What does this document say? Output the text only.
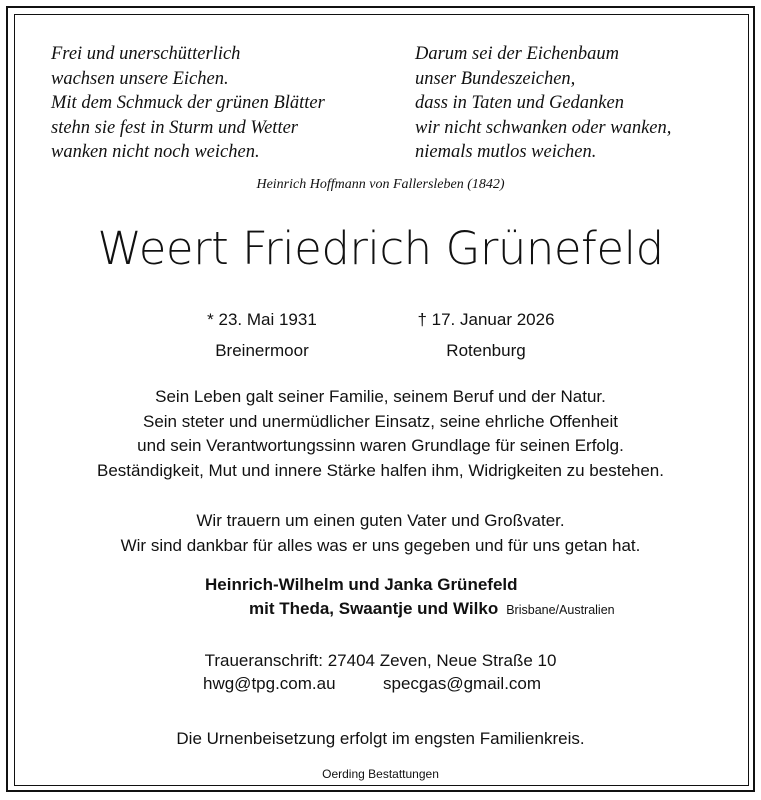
Frei und unerschütterlich
wachsen unsere Eichen.
Mit dem Schmuck der grünen Blätter
stehn sie fest in Sturm und Wetter
wanken nicht noch weichen.
Darum sei der Eichenbaum
unser Bundeszeichen,
dass in Taten und Gedanken
wir nicht schwanken oder wanken,
niemals mutlos weichen.
Heinrich Hoffmann von Fallersleben (1842)
Weert Friedrich Grünefeld
* 23. Mai 1931
Breinermoor
† 17. Januar 2026
Rotenburg
Sein Leben galt seiner Familie, seinem Beruf und der Natur.
Sein steter und unermüdlicher Einsatz, seine ehrliche Offenheit
und sein Verantwortungssinn waren Grundlage für seinen Erfolg.
Beständigkeit, Mut und innere Stärke halfen ihm, Widrigkeiten zu bestehen.
Wir trauern um einen guten Vater und Großvater.
Wir sind dankbar für alles was er uns gegeben und für uns getan hat.
Heinrich-Wilhelm und Janka Grünefeld
mit Theda, Swaantje und Wilko Brisbane/Australien
Traueranschrift: 27404 Zeven, Neue Straße 10
hwg@tpg.com.au	specgas@gmail.com
Die Urnenbeisetzung erfolgt im engsten Familienkreis.
Oerding Bestattungen
